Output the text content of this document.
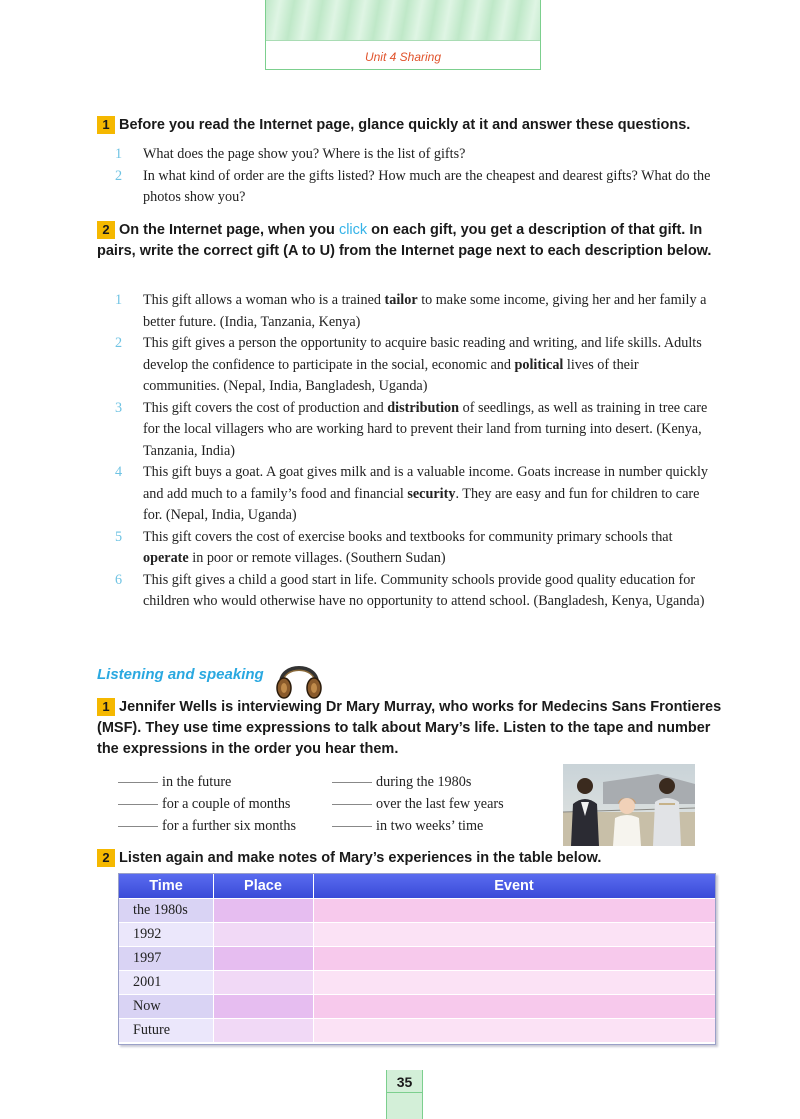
Unit 4 Sharing
1 Before you read the Internet page, glance quickly at it and answer these questions.
1 What does the page show you? Where is the list of gifts?
2 In what kind of order are the gifts listed? How much are the cheapest and dearest gifts? What do the photos show you?
2 On the Internet page, when you click on each gift, you get a description of that gift. In pairs, write the correct gift (A to U) from the Internet page next to each description below.
1 This gift allows a woman who is a trained tailor to make some income, giving her and her family a better future. (India, Tanzania, Kenya)
2 This gift gives a person the opportunity to acquire basic reading and writing, and life skills. Adults develop the confidence to participate in the social, economic and political lives of their communities. (Nepal, India, Bangladesh, Uganda)
3 This gift covers the cost of production and distribution of seedlings, as well as training in tree care for the local villagers who are working hard to prevent their land from turning into desert. (Kenya, Tanzania, India)
4 This gift buys a goat. A goat gives milk and is a valuable income. Goats increase in number quickly and add much to a family’s food and financial security. They are easy and fun for children to care for. (Nepal, India, Uganda)
5 This gift covers the cost of exercise books and textbooks for community primary schools that operate in poor or remote villages. (Southern Sudan)
6 This gift gives a child a good start in life. Community schools provide good quality education for children who would otherwise have no opportunity to attend school. (Bangladesh, Kenya, Uganda)
Listening and speaking
1 Jennifer Wells is interviewing Dr Mary Murray, who works for Medecins Sans Frontieres (MSF). They use time expressions to talk about Mary’s life. Listen to the tape and number the expressions in the order you hear them.
in the future
for a couple of months
for a further six months
during the 1980s
over the last few years
in two weeks’ time
2 Listen again and make notes of Mary’s experiences in the table below.
Time	Place	Event
the 1980s
1992
1997
2001
Now
Future
35
